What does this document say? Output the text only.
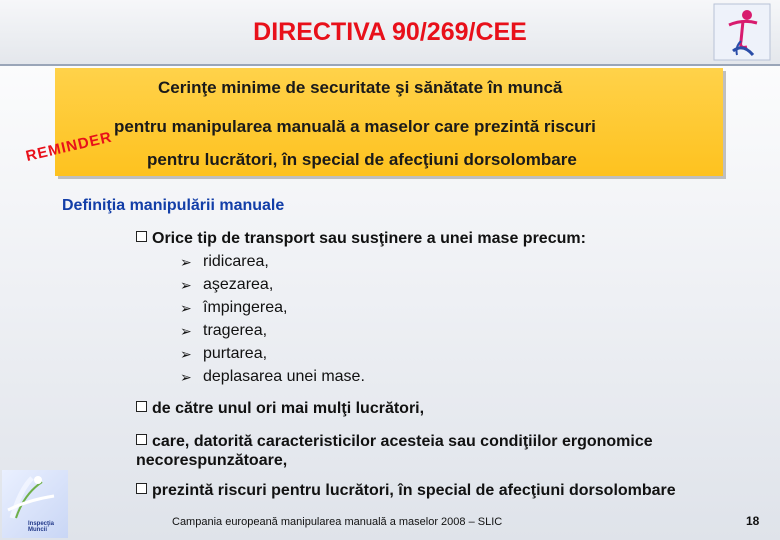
DIRECTIVA 90/269/CEE
Cerinţe minime de securitate şi sănătate în muncă
pentru manipularea manuală a maselor care prezintă riscuri
pentru lucrători, în special de afecţiuni dorsolombare
REMINDER
Definiţia manipulării manuale
Orice tip de transport sau susţinere a unei mase precum:
➢ ridicarea,
➢ aşezarea,
➢ împingerea,
➢ tragerea,
➢ purtarea,
➢ deplasarea unei mase.
de către unul ori mai mulţi lucrători,
care, datorită caracteristicilor acesteia sau condiţiilor ergonomice
necorespunzătoare,
prezintă riscuri pentru lucrători, în special de afecţiuni dorsolombare
Inspecţia
Muncii
Campania europeană manipularea manuală a maselor 2008 – SLIC	18
